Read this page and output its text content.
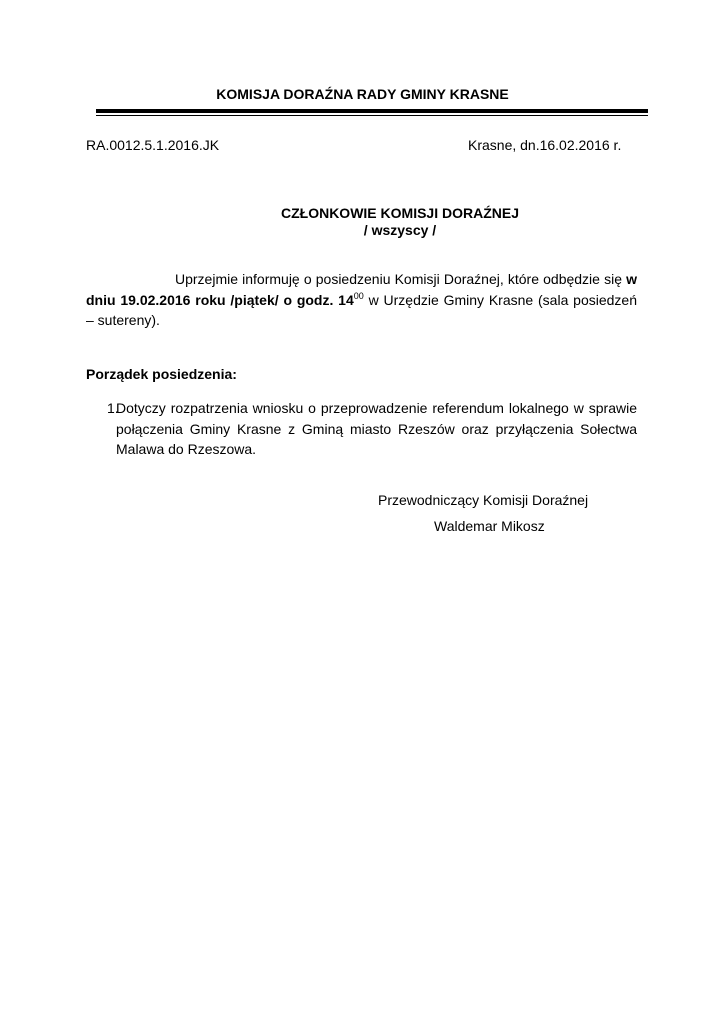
KOMISJA DORAŹNA RADY GMINY KRASNE
RA.0012.5.1.2016.JK	Krasne, dn.16.02.2016 r.
CZŁONKOWIE KOMISJI DORAŹNEJ
/ wszyscy /
Uprzejmie informuję o posiedzeniu Komisji Doraźnej, które odbędzie się w dniu 19.02.2016 roku /piątek/ o godz. $14^{00}$ w Urzędzie Gminy Krasne (sala posiedzeń – sutereny).
Porządek posiedzenia:
1.
Dotyczy rozpatrzenia wniosku o przeprowadzenie referendum lokalnego w sprawie połączenia Gminy Krasne z Gminą miasto Rzeszów oraz przyłączenia Sołectwa Malawa do Rzeszowa.
Przewodniczący Komisji Doraźnej
Waldemar Mikosz
